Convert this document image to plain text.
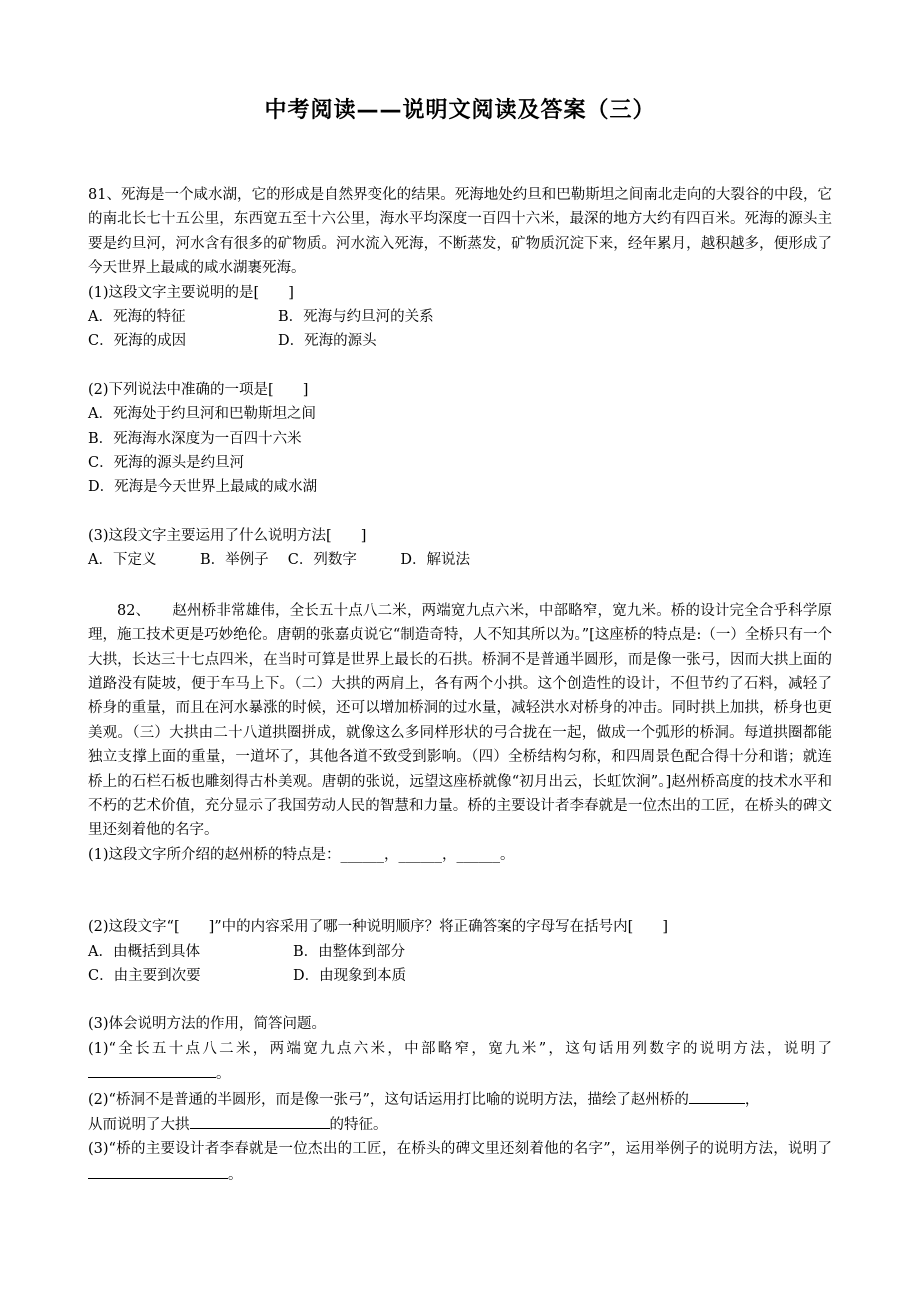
中考阅读——说明文阅读及答案（三）

81、死海是一个咸水湖，它的形成是自然界变化的结果。死海地处约旦和巴勒斯坦之间南北走向的大裂谷的中段，它的南北长七十五公里，东西宽五至十六公里，海水平均深度一百四十六米，最深的地方大约有四百米。死海的源头主要是约旦河，河水含有很多的矿物质。河水流入死海，不断蒸发，矿物质沉淀下来，经年累月，越积越多，便形成了今天世界上最咸的咸水湖裹死海。

(1)这段文字主要说明的是[　　]

A．死海的特征	B．死海与约旦河的关系
C．死海的成因	D．死海的源头

(2)下列说法中准确的一项是[　　]

A．死海处于约旦河和巴勒斯坦之间

B．死海海水深度为一百四十六米

C．死海的源头是约旦河

D．死海是今天世界上最咸的咸水湖

(3)这段文字主要运用了什么说明方法[　　]

A．下定义　　　B．举例子　 C．列数字　　　D．解说法

82、　　赵州桥非常雄伟，全长五十点八二米，两端宽九点六米，中部略窄，宽九米。桥的设计完全合乎科学原理，施工技术更是巧妙绝伦。唐朝的张嘉贞说它“制造奇特，人不知其所以为。”[这座桥的特点是:（一）全桥只有一个大拱，长达三十七点四米，在当时可算是世界上最长的石拱。桥洞不是普通半圆形，而是像一张弓，因而大拱上面的道路没有陡坡，便于车马上下。（二）大拱的两肩上，各有两个小拱。这个创造性的设计，不但节约了石料，减轻了桥身的重量，而且在河水暴涨的时候，还可以增加桥洞的过水量，减轻洪水对桥身的冲击。同时拱上加拱，桥身也更美观。（三）大拱由二十八道拱圈拼成，就像这么多同样形状的弓合拢在一起，做成一个弧形的桥洞。每道拱圈都能独立支撑上面的重量，一道坏了，其他各道不致受到影响。（四）全桥结构匀称，和四周景色配合得十分和谐；就连桥上的石栏石板也雕刻得古朴美观。唐朝的张说，远望这座桥就像“初月出云，长虹饮涧”。]赵州桥高度的技术水平和不朽的艺术价值，充分显示了我国劳动人民的智慧和力量。桥的主要设计者李春就是一位杰出的工匠，在桥头的碑文里还刻着他的名字。

(1)这段文字所介绍的赵州桥的特点是：______，______，______。

(2)这段文字“[　　]”中的内容采用了哪一种说明顺序？将正确答案的字母写在括号内[　　]

A．由概括到具体	B．由整体到部分
C．由主要到次要	D．由现象到本质

(3)体会说明方法的作用，简答问题。

(1)“全长五十点八二米，两端宽九点六米，中部略窄，宽九米”，这句话用列数字的说明方法，说明了。

(2)“桥洞不是普通的半圆形，而是像一张弓”，这句话运用打比喻的说明方法，描绘了赵州桥的	，
从而说明了大拱	的特征。

(3)“桥的主要设计者李春就是一位杰出的工匠，在桥头的碑文里还刻着他的名字”，运用举例子的说明方法，说明了。
